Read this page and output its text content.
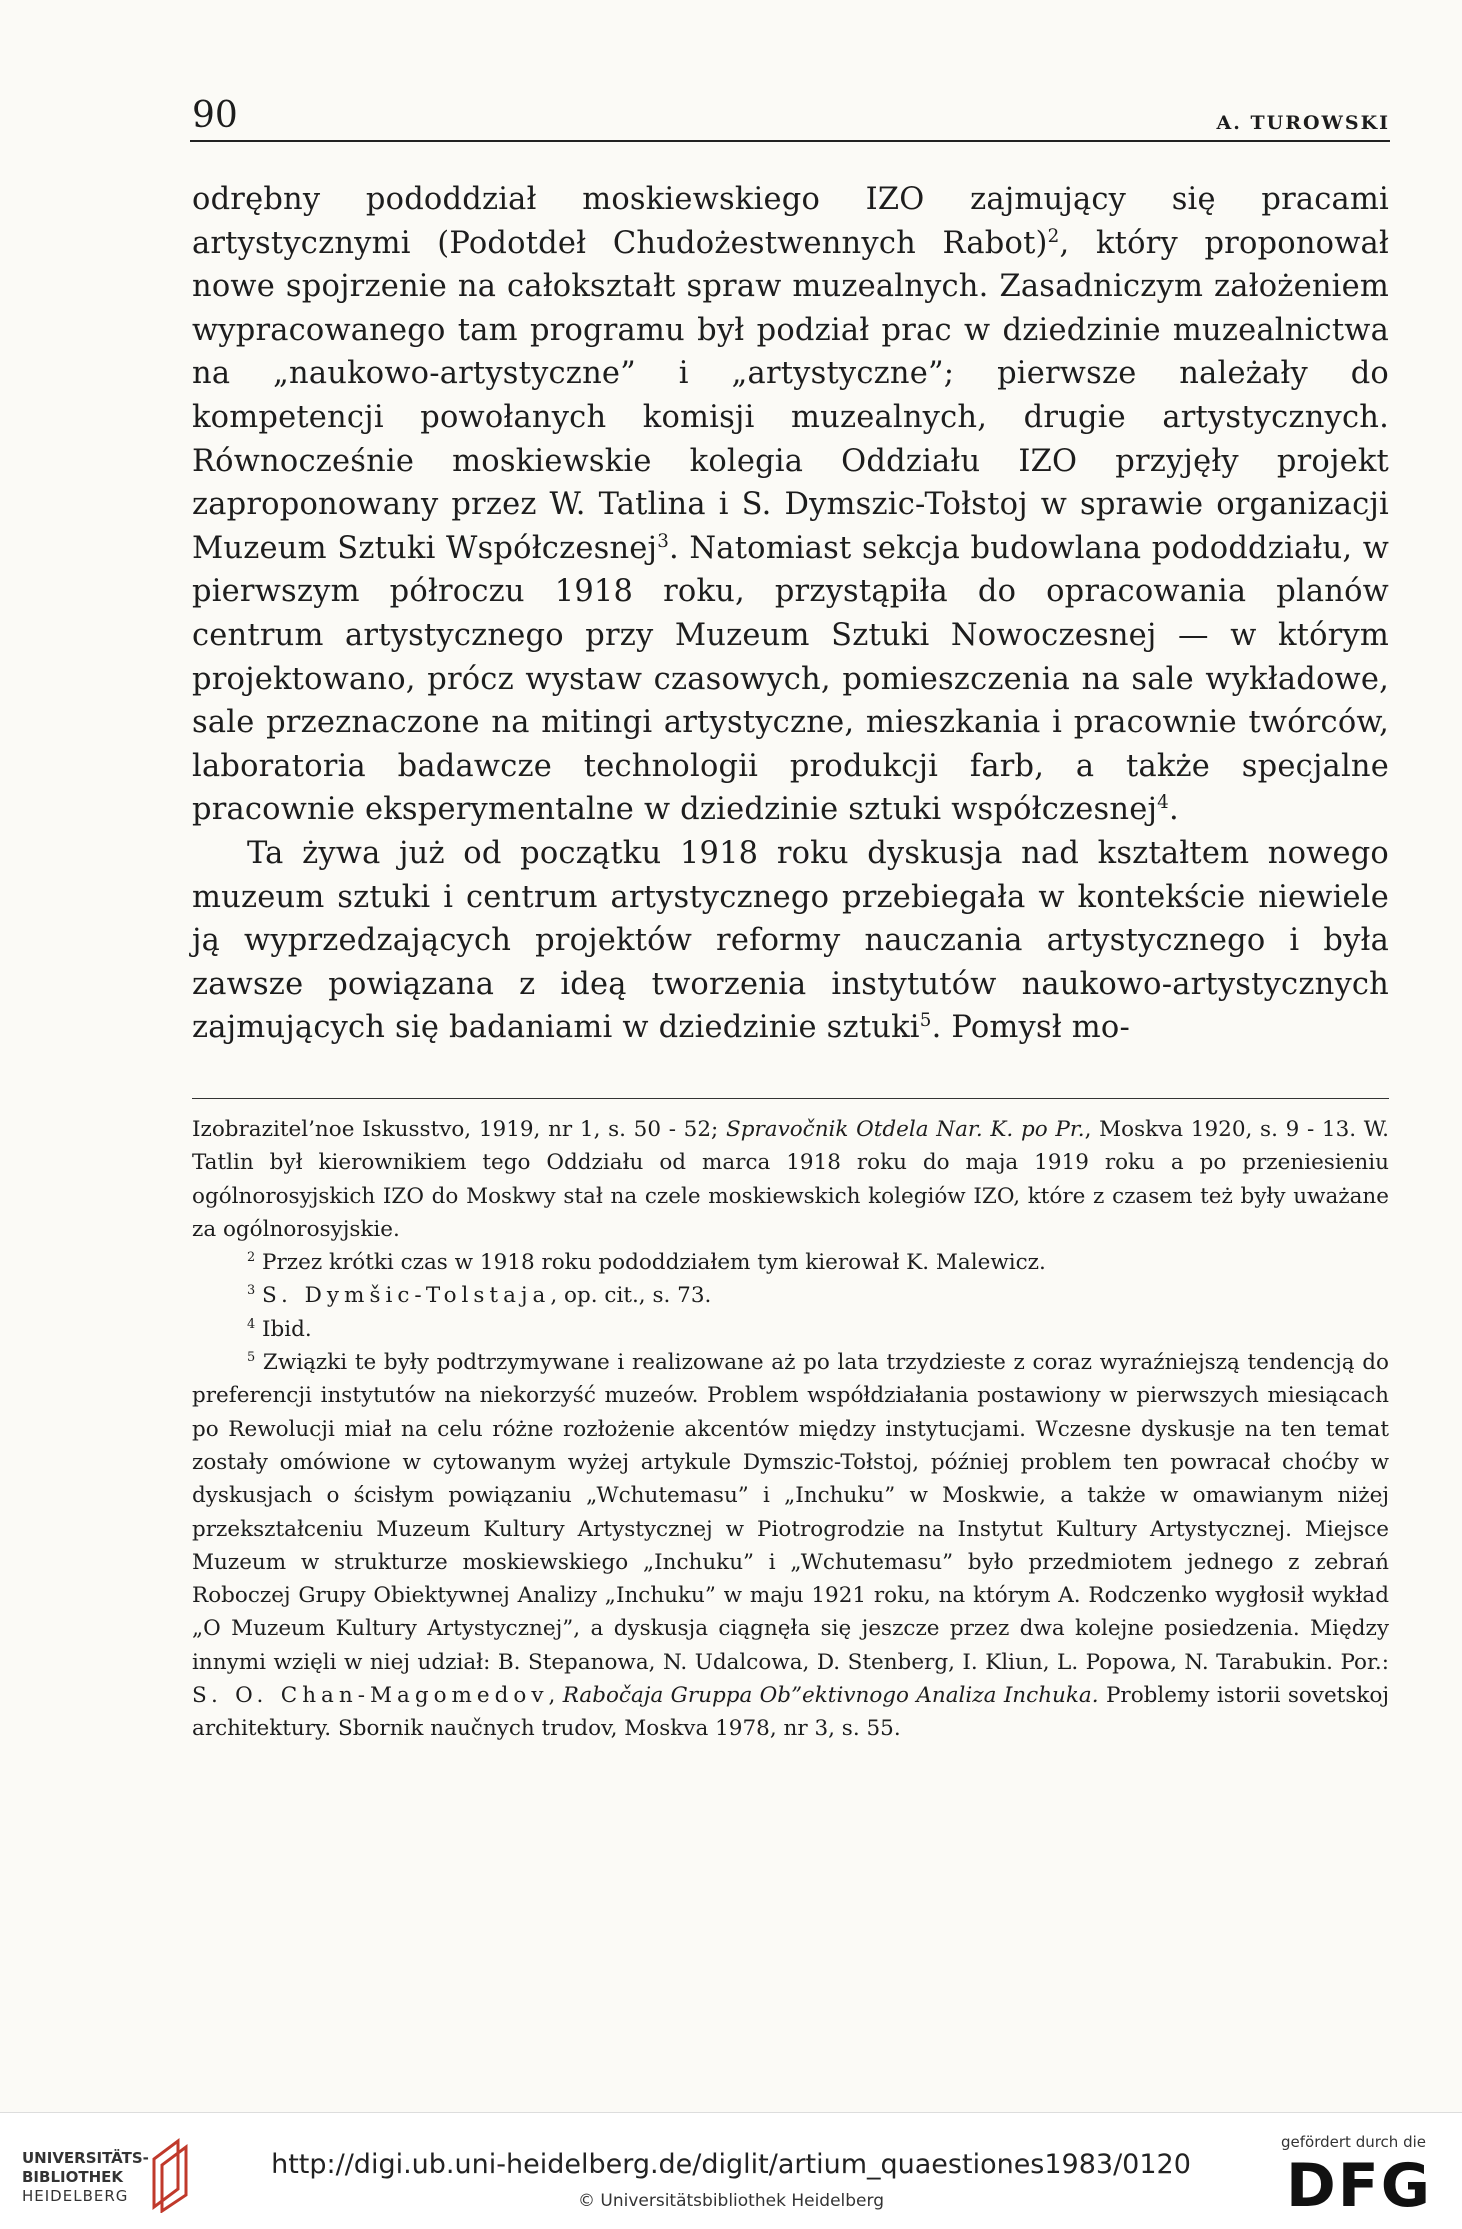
90	A. TUROWSKI

odrębny pododdział moskiewskiego IZO zajmujący się pracami artystycznymi (Podotdeł Chudożestwennych Rabot)$^2$, który proponował nowe spojrzenie na całokształt spraw muzealnych. Zasadniczym założeniem wypracowanego tam programu był podział prac w dziedzinie muzealnictwa na „naukowo-artystyczne” i „artystyczne”; pierwsze należały do kompetencji powołanych komisji muzealnych, drugie artystycznych. Równocześnie moskiewskie kolegia Oddziału IZO przyjęły projekt zaproponowany przez W. Tatlina i S. Dymszic-Tołstoj w sprawie organizacji Muzeum Sztuki Współczesnej$^3$. Natomiast sekcja budowlana pododdziału, w pierwszym półroczu 1918 roku, przystąpiła do opracowania planów centrum artystycznego przy Muzeum Sztuki Nowoczesnej — w którym projektowano, prócz wystaw czasowych, pomieszczenia na sale wykładowe, sale przeznaczone na mitingi artystyczne, mieszkania i pracownie twórców, laboratoria badawcze technologii produkcji farb, a także specjalne pracownie eksperymentalne w dziedzinie sztuki współczesnej$^4$.

Ta żywa już od początku 1918 roku dyskusja nad kształtem nowego muzeum sztuki i centrum artystycznego przebiegała w kontekście niewiele ją wyprzedzających projektów reformy nauczania artystycznego i była zawsze powiązana z ideą tworzenia instytutów naukowo-artystycznych zajmujących się badaniami w dziedzinie sztuki$^5$. Pomysł mo-

Izobrazitel’noe Iskusstvo, 1919, nr 1, s. 50 - 52; Spravočnik Otdela Nar. K. po Pr., Moskva 1920, s. 9 - 13. W. Tatlin był kierownikiem tego Oddziału od marca 1918 roku do maja 1919 roku a po przeniesieniu ogólnorosyjskich IZO do Moskwy stał na czele moskiewskich kolegiów IZO, które z czasem też były uważane za ogólnorosyjskie.

$^2$ Przez krótki czas w 1918 roku pododdziałem tym kierował K. Malewicz.

$^3$ S. Dymšic-Tolstaja, op. cit., s. 73.

$^4$ Ibid.

$^5$ Związki te były podtrzymywane i realizowane aż po lata trzydzieste z coraz wyraźniejszą tendencją do preferencji instytutów na niekorzyść muzeów. Problem współdziałania postawiony w pierwszych miesiącach po Rewolucji miał na celu różne rozłożenie akcentów między instytucjami. Wczesne dyskusje na ten temat zostały omówione w cytowanym wyżej artykule Dymszic-Tołstoj, później problem ten powracał choćby w dyskusjach o ścisłym powiązaniu „Wchutemasu” i „Inchuku” w Moskwie, a także w omawianym niżej przekształceniu Muzeum Kultury Artystycznej w Piotrogrodzie na Instytut Kultury Artystycznej. Miejsce Muzeum w strukturze moskiewskiego „Inchuku” i „Wchutemasu” było przedmiotem jednego z zebrań Roboczej Grupy Obiektywnej Analizy „Inchuku” w maju 1921 roku, na którym A. Rodczenko wygłosił wykład „O Muzeum Kultury Artystycznej”, a dyskusja ciągnęła się jeszcze przez dwa kolejne posiedzenia. Między innymi wzięli w niej udział: B. Stepanowa, N. Udalcowa, D. Stenberg, I. Kliun, L. Popowa, N. Tarabukin. Por.: S. O. Chan-Magomedov, Rabočaja Gruppa Ob”ektivnogo Analiza Inchuka. Problemy istorii sovetskoj architektury. Sbornik naučnych trudov, Moskva 1978, nr 3, s. 55.

UNIVERSITÄTS-
BIBLIOTHEK
HEIDELBERG
http://digi.ub.uni-heidelberg.de/diglit/artium_quaestiones1983/0120
© Universitätsbibliothek Heidelberg
gefördert durch die
DFG
